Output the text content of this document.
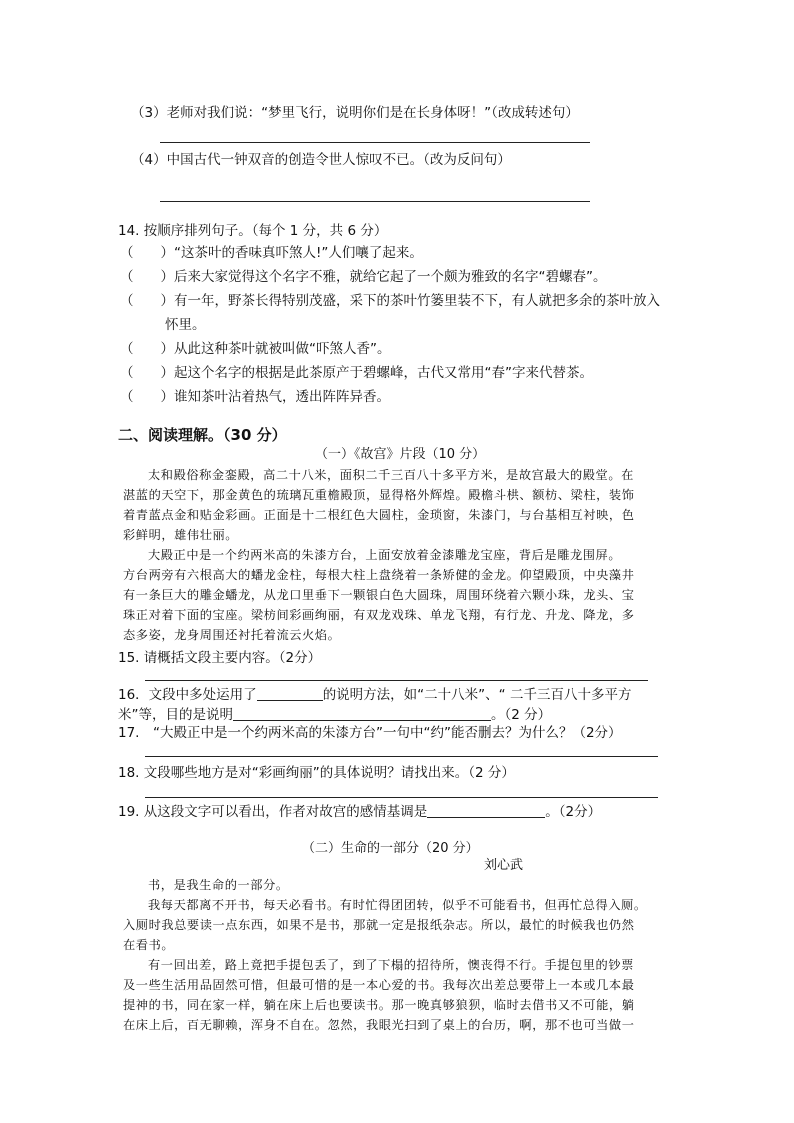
（3）老师对我们说：“梦里飞行，说明你们是在长身体呀！”（改成转述句）
（4）中国古代一钟双音的创造令世人惊叹不已。（改为反问句）
14. 按顺序排列句子。（每个 1 分，共 6 分）
（　　）“这茶叶的香味真吓煞人!”人们嚷了起来。
（　　）后来大家觉得这个名字不雅，就给它起了一个颇为雅致的名字“碧螺春”。
（　　）有一年，野茶长得特别茂盛，采下的茶叶竹篓里装不下，有人就把多余的茶叶放入
怀里。
（　　）从此这种茶叶就被叫做“吓煞人香”。
（　　）起这个名字的根据是此茶原产于碧螺峰，古代又常用“春”字来代替茶。
（　　）谁知茶叶沾着热气，透出阵阵异香。
二、阅读理解。（30 分）
（一）《故宫》片段（10 分）
太和殿俗称金銮殿，高二十八米，面积二千三百八十多平方米，是故宫最大的殿堂。在
湛蓝的天空下，那金黄色的琉璃瓦重檐殿顶，显得格外辉煌。殿檐斗栱、额枋、梁柱，装饰
着青蓝点金和贴金彩画。正面是十二根红色大圆柱，金琐窗，朱漆门，与台基相互衬映，色
彩鲜明，雄伟壮丽。
大殿正中是一个约两米高的朱漆方台，上面安放着金漆雕龙宝座，背后是雕龙围屏。
方台两旁有六根高大的蟠龙金柱，每根大柱上盘绕着一条矫健的金龙。仰望殿顶，中央藻井
有一条巨大的雕金蟠龙，从龙口里垂下一颗银白色大圆珠，周围环绕着六颗小珠，龙头、宝
珠正对着下面的宝座。梁枋间彩画绚丽，有双龙戏珠、单龙飞翔，有行龙、升龙、降龙，多
态多姿，龙身周围还衬托着流云火焰。
15. 请概括文段主要内容。（2分）
16．文段中多处运用了	的说明方法，如“二十八米”、“ 二千三百八十多平方
米”等，目的是说明	。（2 分）
17.　“大殿正中是一个约两米高的朱漆方台”一句中“约”能否删去？为什么？（2分）
18. 文段哪些地方是对“彩画绚丽”的具体说明？请找出来。（2 分）
19. 从这段文字可以看出，作者对故宫的感情基调是	。（2分）
（二）生命的一部分（20 分）
刘心武
书，是我生命的一部分。
我每天都离不开书，每天必看书。有时忙得团团转，似乎不可能看书，但再忙总得入厕。
入厕时我总要读一点东西，如果不是书，那就一定是报纸杂志。所以，最忙的时候我也仍然
在看书。
有一回出差，路上竟把手提包丢了，到了下榻的招待所，懊丧得不行。手提包里的钞票
及一些生活用品固然可惜，但最可惜的是一本心爱的书。我每次出差总要带上一本或几本最
提神的书，同在家一样，躺在床上后也要读书。那一晚真够狼狈，临时去借书又不可能，躺
在床上后，百无聊赖，浑身不自在。忽然，我眼光扫到了桌上的台历，啊，那不也可当做一
